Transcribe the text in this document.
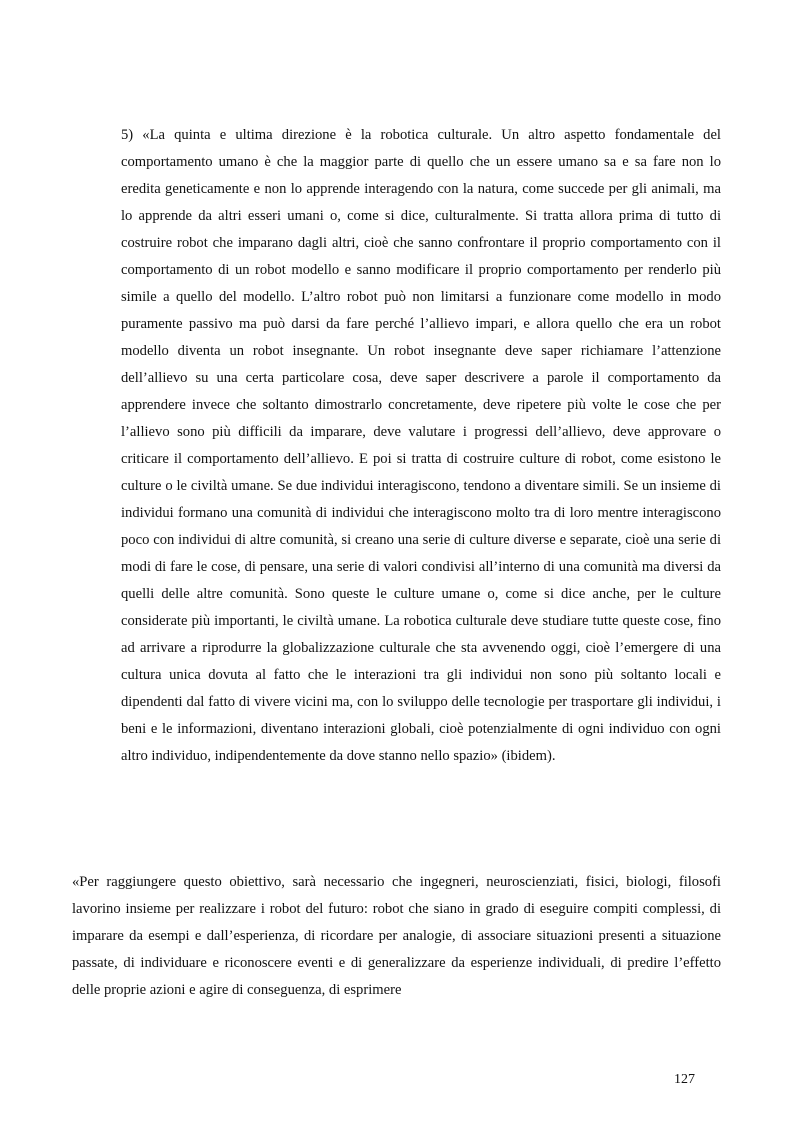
5) «La quinta e ultima direzione è la robotica culturale. Un altro aspetto fondamentale del comportamento umano è che la maggior parte di quello che un essere umano sa e sa fare non lo eredita geneticamente e non lo apprende interagendo con la natura, come succede per gli animali, ma lo apprende da altri esseri umani o, come si dice, culturalmente. Si tratta allora prima di tutto di costruire robot che imparano dagli altri, cioè che sanno confrontare il proprio comportamento con il comportamento di un robot modello e sanno modificare il proprio comportamento per renderlo più simile a quello del modello. L’altro robot può non limitarsi a funzionare come modello in modo puramente passivo ma può darsi da fare perché l’allievo impari, e allora quello che era un robot modello diventa un robot insegnante. Un robot insegnante deve saper richiamare l’attenzione dell’allievo su una certa particolare cosa, deve saper descrivere a parole il comportamento da apprendere invece che soltanto dimostrarlo concretamente, deve ripetere più volte le cose che per l’allievo sono più difficili da imparare, deve valutare i progressi dell’allievo, deve approvare o criticare il comportamento dell’allievo. E poi si tratta di costruire culture di robot, come esistono le culture o le civiltà umane. Se due individui interagiscono, tendono a diventare simili. Se un insieme di individui formano una comunità di individui che interagiscono molto tra di loro mentre interagiscono poco con individui di altre comunità, si creano una serie di culture diverse e separate, cioè una serie di modi di fare le cose, di pensare, una serie di valori condivisi all’interno di una comunità ma diversi da quelli delle altre comunità. Sono queste le culture umane o, come si dice anche, per le culture considerate più importanti, le civiltà umane. La robotica culturale deve studiare tutte queste cose, fino ad arrivare a riprodurre la globalizzazione culturale che sta avvenendo oggi, cioè l’emergere di una cultura unica dovuta al fatto che le interazioni tra gli individui non sono più soltanto locali e dipendenti dal fatto di vivere vicini ma, con lo sviluppo delle tecnologie per trasportare gli individui, i beni e le informazioni, diventano interazioni globali, cioè potenzialmente di ogni individuo con ogni altro individuo, indipendentemente da dove stanno nello spazio» (ibidem).

«Per raggiungere questo obiettivo, sarà necessario che ingegneri, neuroscienziati, fisici, biologi, filosofi lavorino insieme per realizzare i robot del futuro: robot che siano in grado di eseguire compiti complessi, di imparare da esempi e dall’esperienza, di ricordare per analogie, di associare situazioni presenti a situazione passate, di individuare e riconoscere eventi e di generalizzare da esperienze individuali, di predire l’effetto delle proprie azioni e agire di conseguenza, di esprimere

127
